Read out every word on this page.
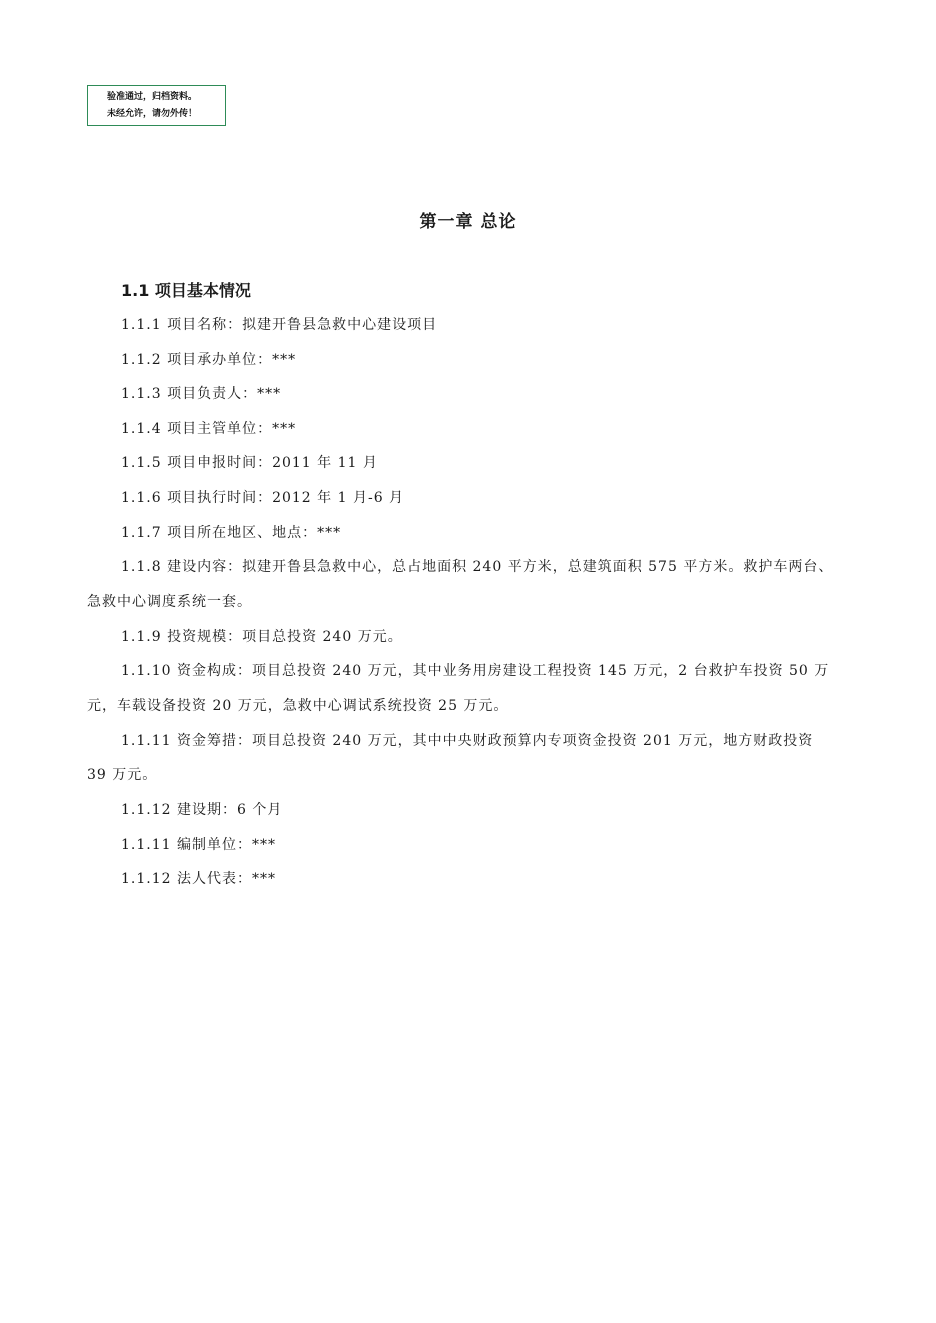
验准通过，归档资料。
未经允许，请勿外传！
第一章 总论
1.1 项目基本情况
1.1.1 项目名称：拟建开鲁县急救中心建设项目
1.1.2 项目承办单位：***
1.1.3 项目负责人：***
1.1.4 项目主管单位：***
1.1.5 项目申报时间：2011 年 11 月
1.1.6 项目执行时间：2012 年 1 月-6 月
1.1.7 项目所在地区、地点：***
1.1.8 建设内容：拟建开鲁县急救中心，总占地面积 240 平方米，总建筑面积 575 平方米。救护车两台、
急救中心调度系统一套。
1.1.9 投资规模：项目总投资 240 万元。
1.1.10 资金构成：项目总投资 240 万元，其中业务用房建设工程投资 145 万元，2 台救护车投资 50 万
元，车载设备投资 20 万元，急救中心调试系统投资 25 万元。
1.1.11 资金筹措：项目总投资 240 万元，其中中央财政预算内专项资金投资 201 万元，地方财政投资
39 万元。
1.1.12 建设期：6 个月
1.1.11 编制单位：***
1.1.12 法人代表：***
